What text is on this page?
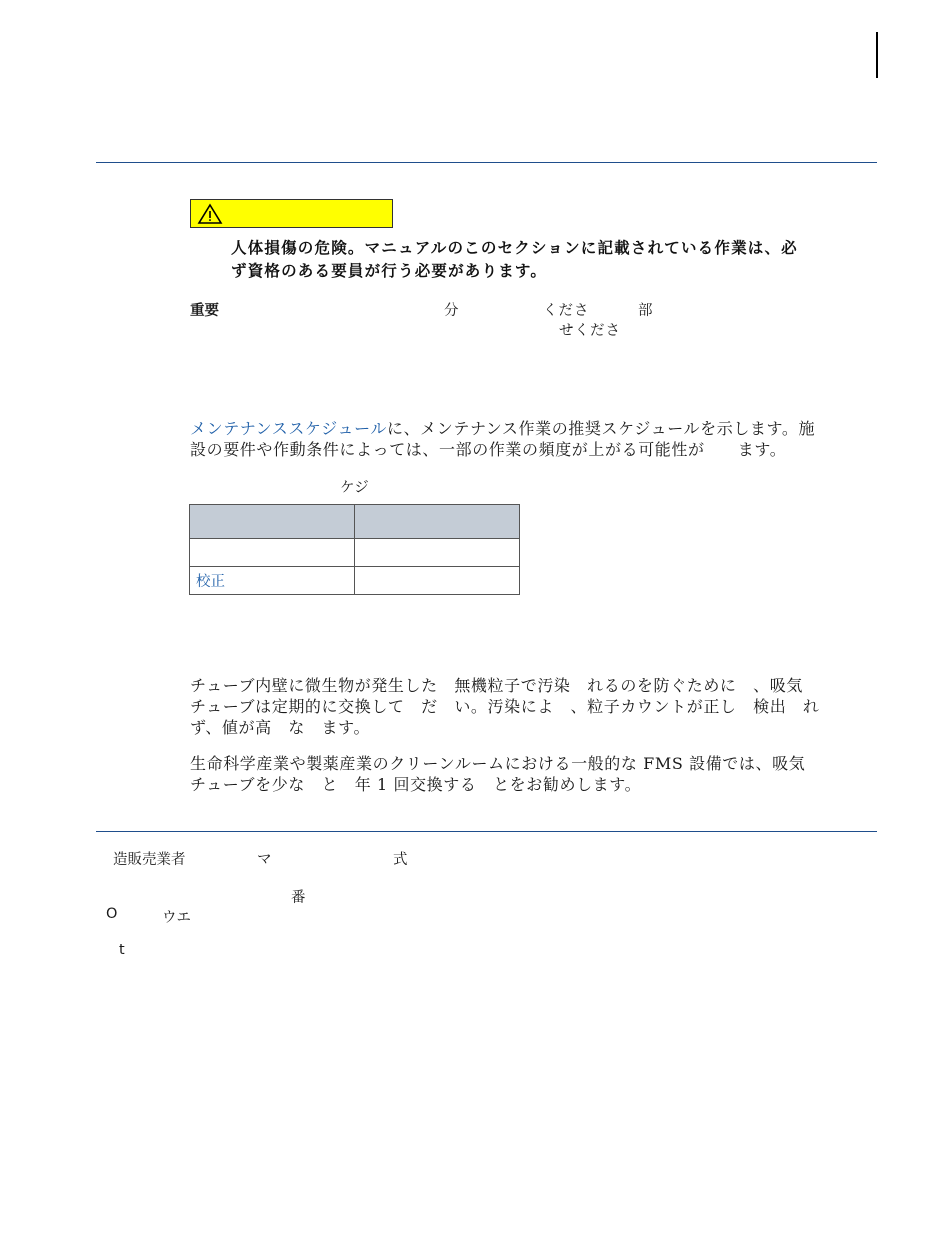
人体損傷の危険。マニュアルのこのセクションに記載されている作業は、必
ず資格のある要員が行う必要があります。
重要	分	くださ	部
せくださ
メンテナンススケジュールに、メンテナンス作業の推奨スケジュールを示します。施
設の要件や作動条件によっては、一部の作業の頻度が上がる可能性が　　ます。
ケジ

校正	
チューブ内壁に微生物が発生した　無機粒子で汚染　れるのを防ぐために　、吸気
チューブは定期的に交換して　だ　い。汚染によ　、粒子カウントが正し　検出　れ
ず、値が高　な　ます。
生命科学産業や製薬産業のクリーンルームにおける一般的な FMS 設備では、吸気
チューブを少な　と　年 1 回交換する　とをお勧めします。
造販売業者	マ	式
番
O	ウエ
t
